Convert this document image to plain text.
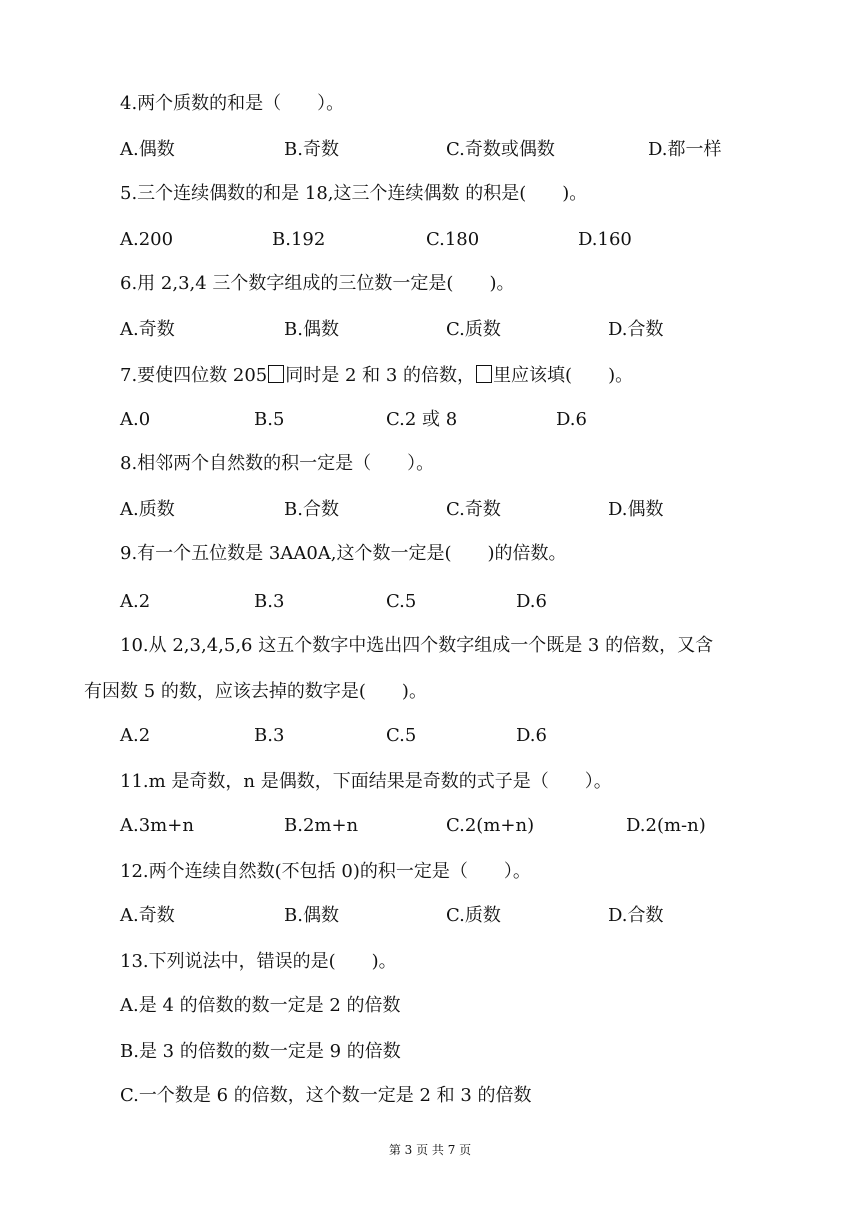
4.两个质数的和是（　　）。
A.偶数	B.奇数	C.奇数或偶数	D.都一样
5.三个连续偶数的和是 18,这三个连续偶数 的积是(　　)。
A.200	B.192	C.180	D.160
6.用 2,3,4 三个数字组成的三位数一定是(　　)。
A.奇数	B.偶数	C.质数	D.合数
7.要使四位数 205 同时是 2 和 3 的倍数， 里应该填(　　)。
A.0	B.5	C.2 或 8	D.6
8.相邻两个自然数的积一定是（　　）。
A.质数	B.合数	C.奇数	D.偶数
9.有一个五位数是 3AA0A,这个数一定是(　　)的倍数。
A.2	B.3	C.5	D.6
10.从 2,3,4,5,6 这五个数字中选出四个数字组成一个既是 3 的倍数，又含
有因数 5 的数，应该去掉的数字是(　　)。
A.2	B.3	C.5	D.6
11.m 是奇数，n 是偶数，下面结果是奇数的式子是（　　）。
A.3m+n	B.2m+n	C.2(m+n)	D.2(m-n)
12.两个连续自然数(不包括 0)的积一定是（　　）。
A.奇数	B.偶数	C.质数	D.合数
13.下列说法中，错误的是(　　)。
A.是 4 的倍数的数一定是 2 的倍数
B.是 3 的倍数的数一定是 9 的倍数
C.一个数是 6 的倍数，这个数一定是 2 和 3 的倍数
第 3 页 共 7 页
